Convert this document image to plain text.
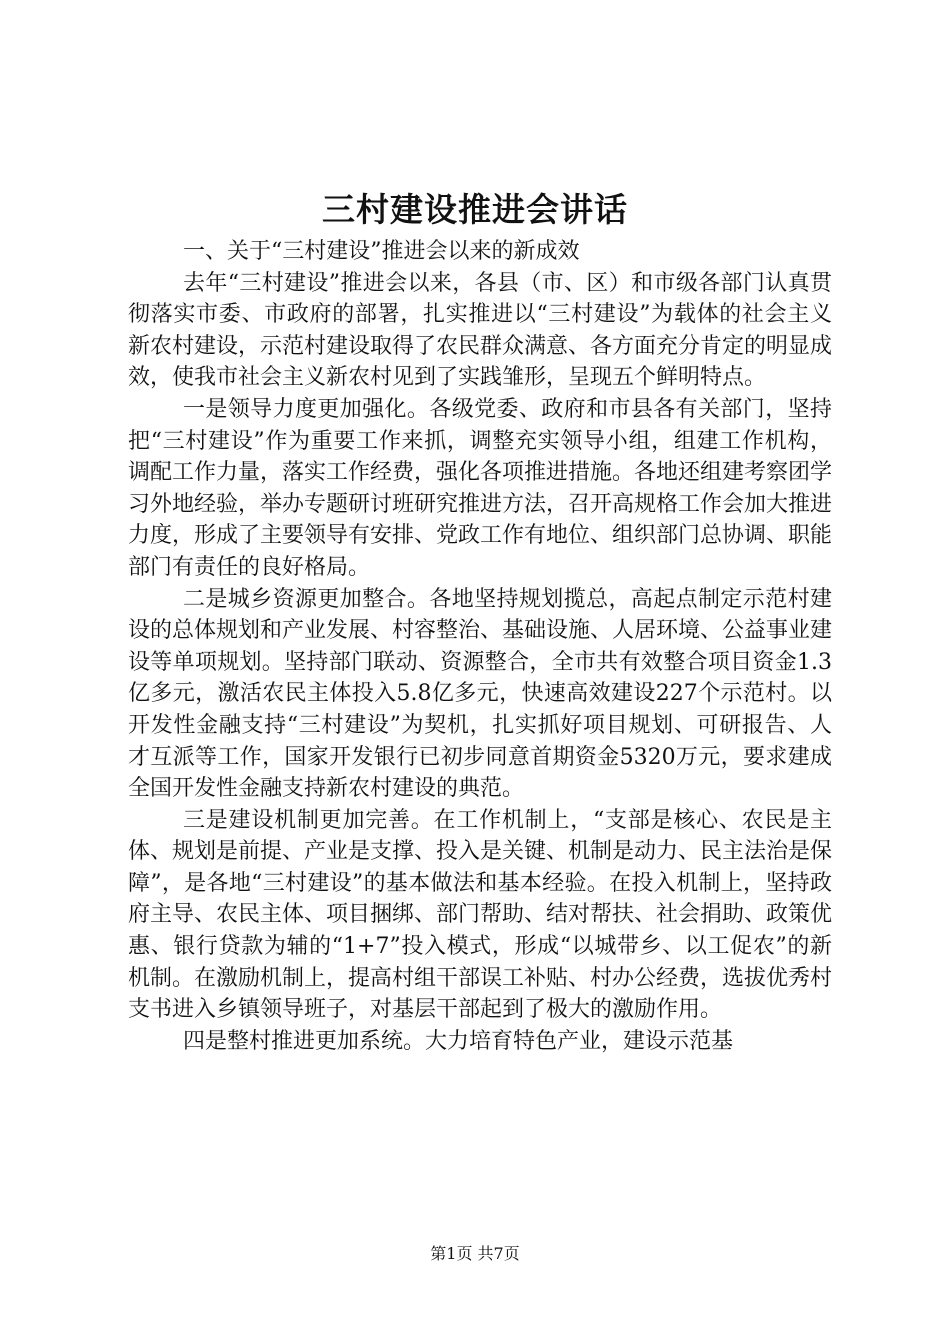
三村建设推进会讲话

一、关于“三村建设”推进会以来的新成效

去年“三村建设”推进会以来，各县（市、区）和市级各部门认真贯彻落实市委、市政府的部署，扎实推进以“三村建设”为载体的社会主义新农村建设，示范村建设取得了农民群众满意、各方面充分肯定的明显成效，使我市社会主义新农村见到了实践雏形，呈现五个鲜明特点。

一是领导力度更加强化。各级党委、政府和市县各有关部门，坚持把“三村建设”作为重要工作来抓，调整充实领导小组，组建工作机构，调配工作力量，落实工作经费，强化各项推进措施。各地还组建考察团学习外地经验，举办专题研讨班研究推进方法，召开高规格工作会加大推进力度，形成了主要领导有安排、党政工作有地位、组织部门总协调、职能部门有责任的良好格局。

二是城乡资源更加整合。各地坚持规划揽总，高起点制定示范村建设的总体规划和产业发展、村容整治、基础设施、人居环境、公益事业建设等单项规划。坚持部门联动、资源整合，全市共有效整合项目资金1.3亿多元，激活农民主体投入5.8亿多元，快速高效建设227个示范村。以开发性金融支持“三村建设”为契机，扎实抓好项目规划、可研报告、人才互派等工作，国家开发银行已初步同意首期资金5320万元，要求建成全国开发性金融支持新农村建设的典范。

三是建设机制更加完善。在工作机制上，“支部是核心、农民是主体、规划是前提、产业是支撑、投入是关键、机制是动力、民主法治是保障”，是各地“三村建设”的基本做法和基本经验。在投入机制上，坚持政府主导、农民主体、项目捆绑、部门帮助、结对帮扶、社会捐助、政策优惠、银行贷款为辅的“1+7”投入模式，形成“以城带乡、以工促农”的新机制。在激励机制上，提高村组干部误工补贴、村办公经费，选拔优秀村支书进入乡镇领导班子，对基层干部起到了极大的激励作用。

四是整村推进更加系统。大力培育特色产业，建设示范基

第1页 共7页
